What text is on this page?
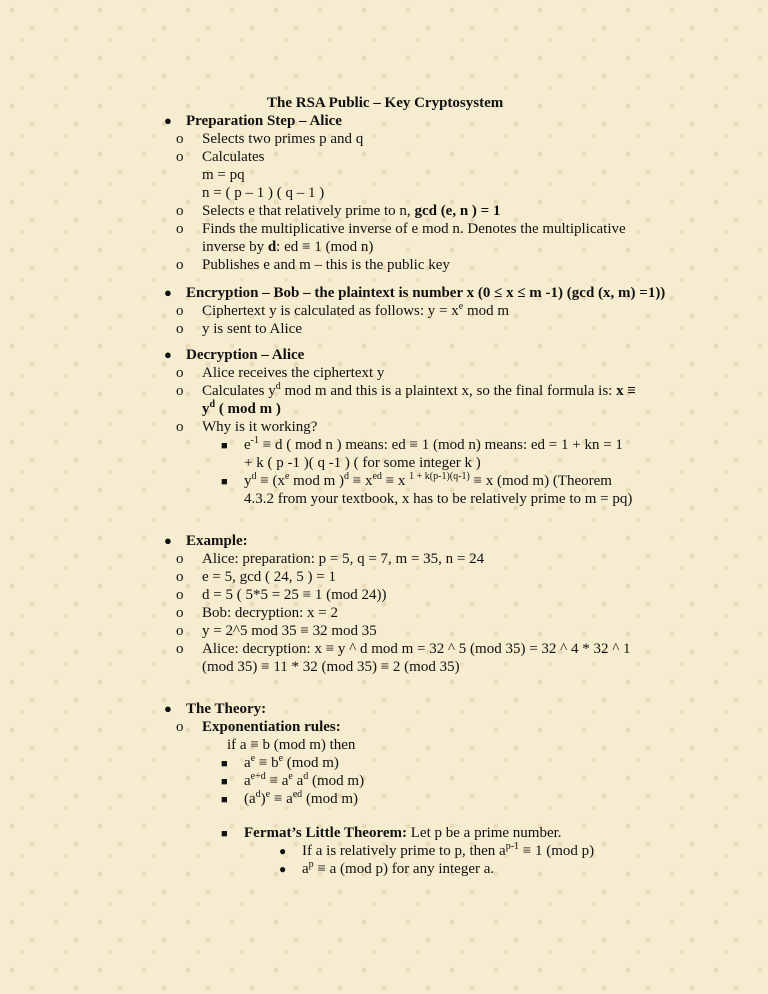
The RSA Public – Key Cryptosystem
● Preparation Step – Alice
o Selects two primes p and q
o Calculates
m = pq
n = ( p – 1 ) ( q – 1 )
o Selects e that relatively prime to n, gcd (e, n ) = 1
o Finds the multiplicative inverse of e mod n. Denotes the multiplicative
inverse by d: ed ≡ 1 (mod n)
o Publishes e and m – this is the public key
● Encryption – Bob – the plaintext is number x (0 ≤ x ≤ m -1) (gcd (x, m) =1))
o Ciphertext y is calculated as follows: $y = x^e$ mod m
o y is sent to Alice
● Decryption – Alice
o Alice receives the ciphertext y
o Calculates $y^d$ mod m and this is a plaintext x, so the final formula is: x ≡
$y^d$ ( mod m )
o Why is it working?
■ $e^{-1} \equiv d$ ( mod n ) means: ed ≡ 1 (mod n) means: ed = 1 + kn = 1
+ k ( p -1 )( q -1 ) ( for some integer k )
■ $y^d \equiv (x^e$ mod m )$^d \equiv x^{ed} \equiv x$ $^{1 + k(p-1)(q-1)}$ ≡ x (mod m) (Theorem
4.3.2 from your textbook, x has to be relatively prime to m = pq)
● Example:
o Alice: preparation: p = 5, q = 7, m = 35, n = 24
o e = 5, gcd ( 24, 5 ) = 1
o d = 5 ( 5*5 = 25 ≡ 1 (mod 24))
o Bob: decryption: x = 2
o y = 2^5 mod 35 ≡ 32 mod 35
o Alice: decryption: x ≡ y ^ d mod m = 32 ^ 5 (mod 35) = 32 ^ 4 * 32 ^ 1
(mod 35) ≡ 11 * 32 (mod 35) ≡ 2 (mod 35)
● The Theory:
o Exponentiation rules:
if a ≡ b (mod m) then
■ $a^e \equiv b^e$ (mod m)
■ $a^{e+d} \equiv a^e$ $a^d$ (mod m)
■ $(a^d)^e \equiv a^{ed}$ (mod m)
■ Fermat’s Little Theorem: Let p be a prime number.
● If a is relatively prime to p, then $a^{p-1} \equiv 1$ (mod p)
● $a^p \equiv a$ (mod p) for any integer a.
